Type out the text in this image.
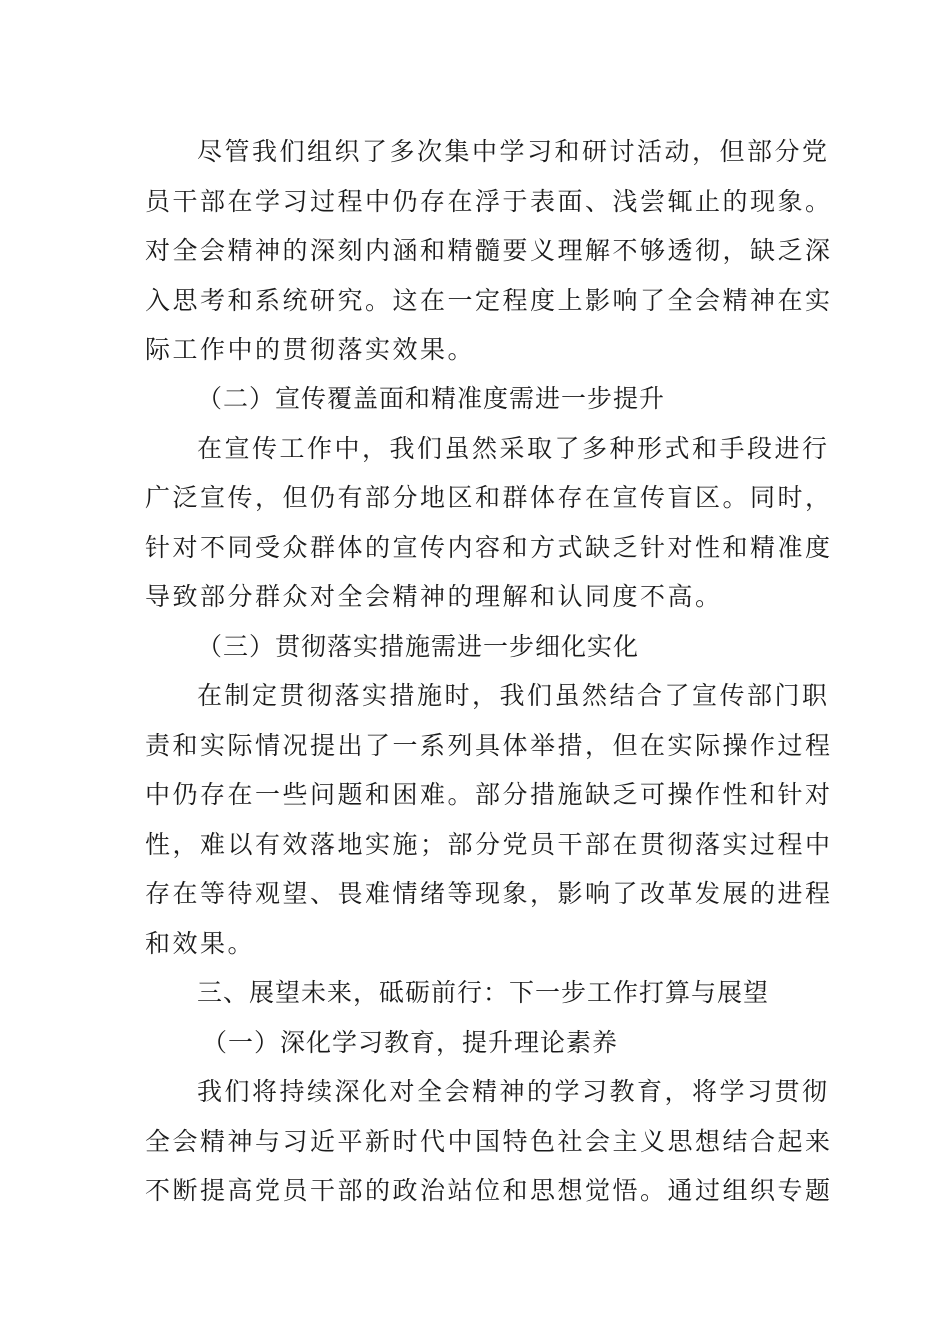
尽管我们组织了多次集中学习和研讨活动，但部分党
员干部在学习过程中仍存在浮于表面、浅尝辄止的现象。
对全会精神的深刻内涵和精髓要义理解不够透彻，缺乏深
入思考和系统研究。这在一定程度上影响了全会精神在实
际工作中的贯彻落实效果。
（二）宣传覆盖面和精准度需进一步提升
在宣传工作中，我们虽然采取了多种形式和手段进行
广泛宣传，但仍有部分地区和群体存在宣传盲区。同时，
针对不同受众群体的宣传内容和方式缺乏针对性和精准度
导致部分群众对全会精神的理解和认同度不高。
（三）贯彻落实措施需进一步细化实化
在制定贯彻落实措施时，我们虽然结合了宣传部门职
责和实际情况提出了一系列具体举措，但在实际操作过程
中仍存在一些问题和困难。部分措施缺乏可操作性和针对
性，难以有效落地实施；部分党员干部在贯彻落实过程中
存在等待观望、畏难情绪等现象，影响了改革发展的进程
和效果。
三、展望未来，砥砺前行：下一步工作打算与展望
（一）深化学习教育，提升理论素养
我们将持续深化对全会精神的学习教育，将学习贯彻
全会精神与习近平新时代中国特色社会主义思想结合起来
不断提高党员干部的政治站位和思想觉悟。通过组织专题
